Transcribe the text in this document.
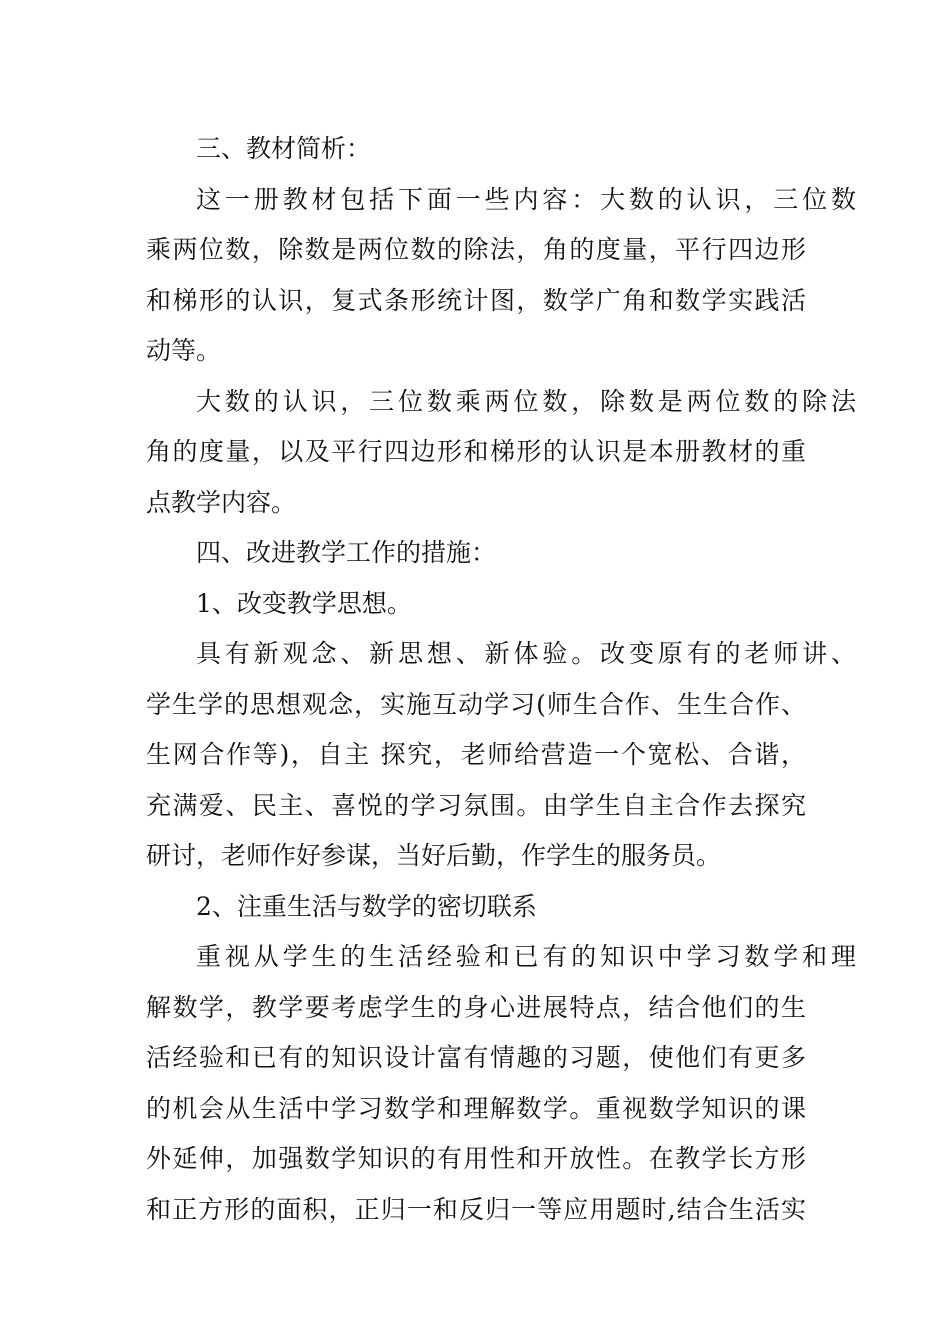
三、教材简析：
这一册教材包括下面一些内容：大数的认识，三位数
乘两位数，除数是两位数的除法，角的度量，平行四边形
和梯形的认识，复式条形统计图，数学广角和数学实践活
动等。
大数的认识，三位数乘两位数，除数是两位数的除法
角的度量，以及平行四边形和梯形的认识是本册教材的重
点教学内容。
四、改进教学工作的措施：
1、改变教学思想。
具有新观念、新思想、新体验。改变原有的老师讲、
学生学的思想观念，实施互动学习(师生合作、生生合作、
生网合作等)，自主 探究，老师给营造一个宽松、合谐，
充满爱、民主、喜悦的学习氛围。由学生自主合作去探究
研讨，老师作好参谋，当好后勤，作学生的服务员。
2、注重生活与数学的密切联系
重视从学生的生活经验和已有的知识中学习数学和理
解数学，教学要考虑学生的身心进展特点，结合他们的生
活经验和已有的知识设计富有情趣的习题，使他们有更多
的机会从生活中学习数学和理解数学。重视数学知识的课
外延伸，加强数学知识的有用性和开放性。在教学长方形
和正方形的面积，正归一和反归一等应用题时,结合生活实
